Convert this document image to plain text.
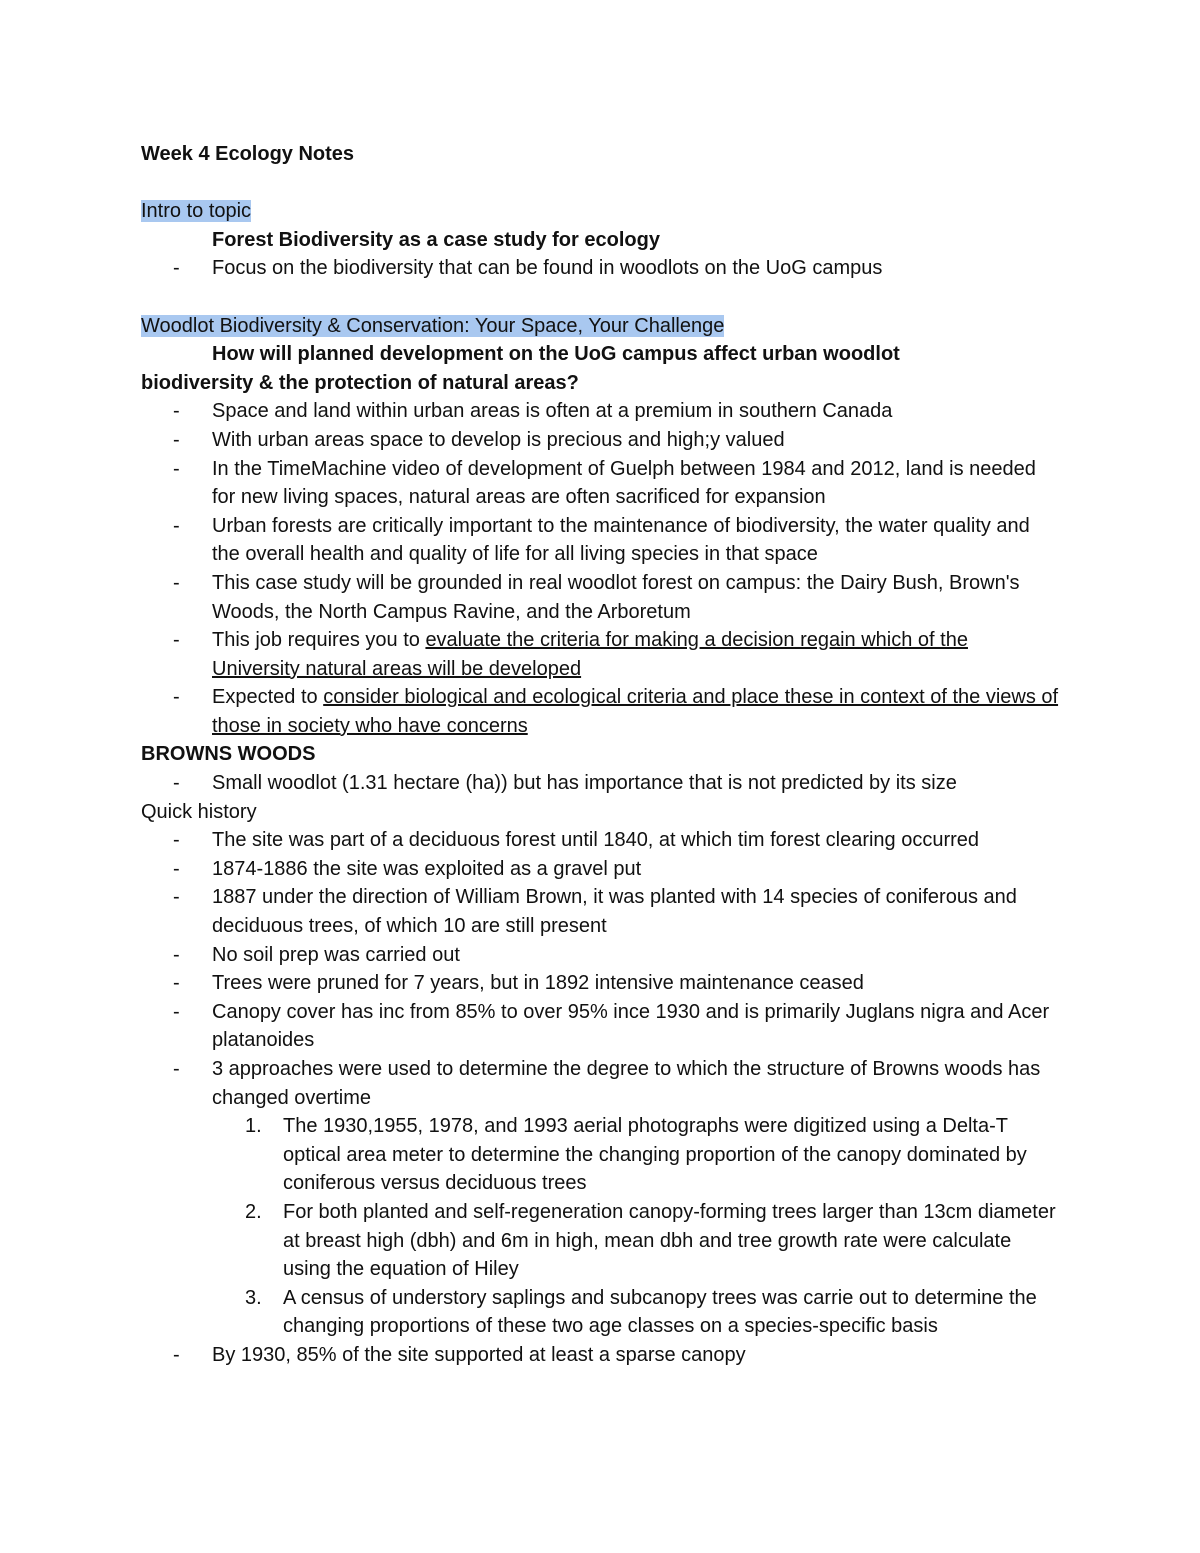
Week 4 Ecology Notes
Intro to topic
Forest Biodiversity as a case study for ecology
- Focus on the biodiversity that can be found in woodlots on the UoG campus
Woodlot Biodiversity & Conservation: Your Space, Your Challenge
How will planned development on the UoG campus affect urban woodlot
biodiversity & the protection of natural areas?
- Space and land within urban areas is often at a premium in southern Canada
- With urban areas space to develop is precious and high;y valued
- In the TimeMachine video of development of Guelph between 1984 and 2012, land is needed for new living spaces, natural areas are often sacrificed for expansion
- Urban forests are critically important to the maintenance of biodiversity, the water quality and the overall health and quality of life for all living species in that space
- This case study will be grounded in real woodlot forest on campus: the Dairy Bush, Brown's Woods, the North Campus Ravine, and the Arboretum
- This job requires you to evaluate the criteria for making a decision regain which of the University natural areas will be developed
- Expected to consider biological and ecological criteria and place these in context of the views of those in society who have concerns
BROWNS WOODS
- Small woodlot (1.31 hectare (ha)) but has importance that is not predicted by its size
Quick history
- The site was part of a deciduous forest until 1840, at which tim forest clearing occurred
- 1874-1886 the site was exploited as a gravel put
- 1887 under the direction of William Brown, it was planted with 14 species of coniferous and deciduous trees, of which 10 are still present
- No soil prep was carried out
- Trees were pruned for 7 years, but in 1892 intensive maintenance ceased
- Canopy cover has inc from 85% to over 95% ince 1930 and is primarily Juglans nigra and Acer platanoides
- 3 approaches were used to determine the degree to which the structure of Browns woods has changed overtime
1. The 1930,1955, 1978, and 1993 aerial photographs were digitized using a Delta-T optical area meter to determine the changing proportion of the canopy dominated by coniferous versus deciduous trees
2. For both planted and self-regeneration canopy-forming trees larger than 13cm diameter at breast high (dbh) and 6m in high, mean dbh and tree growth rate were calculate using the equation of Hiley
3. A census of understory saplings and subcanopy trees was carrie out to determine the changing proportions of these two age classes on a species-specific basis
- By 1930, 85% of the site supported at least a sparse canopy
